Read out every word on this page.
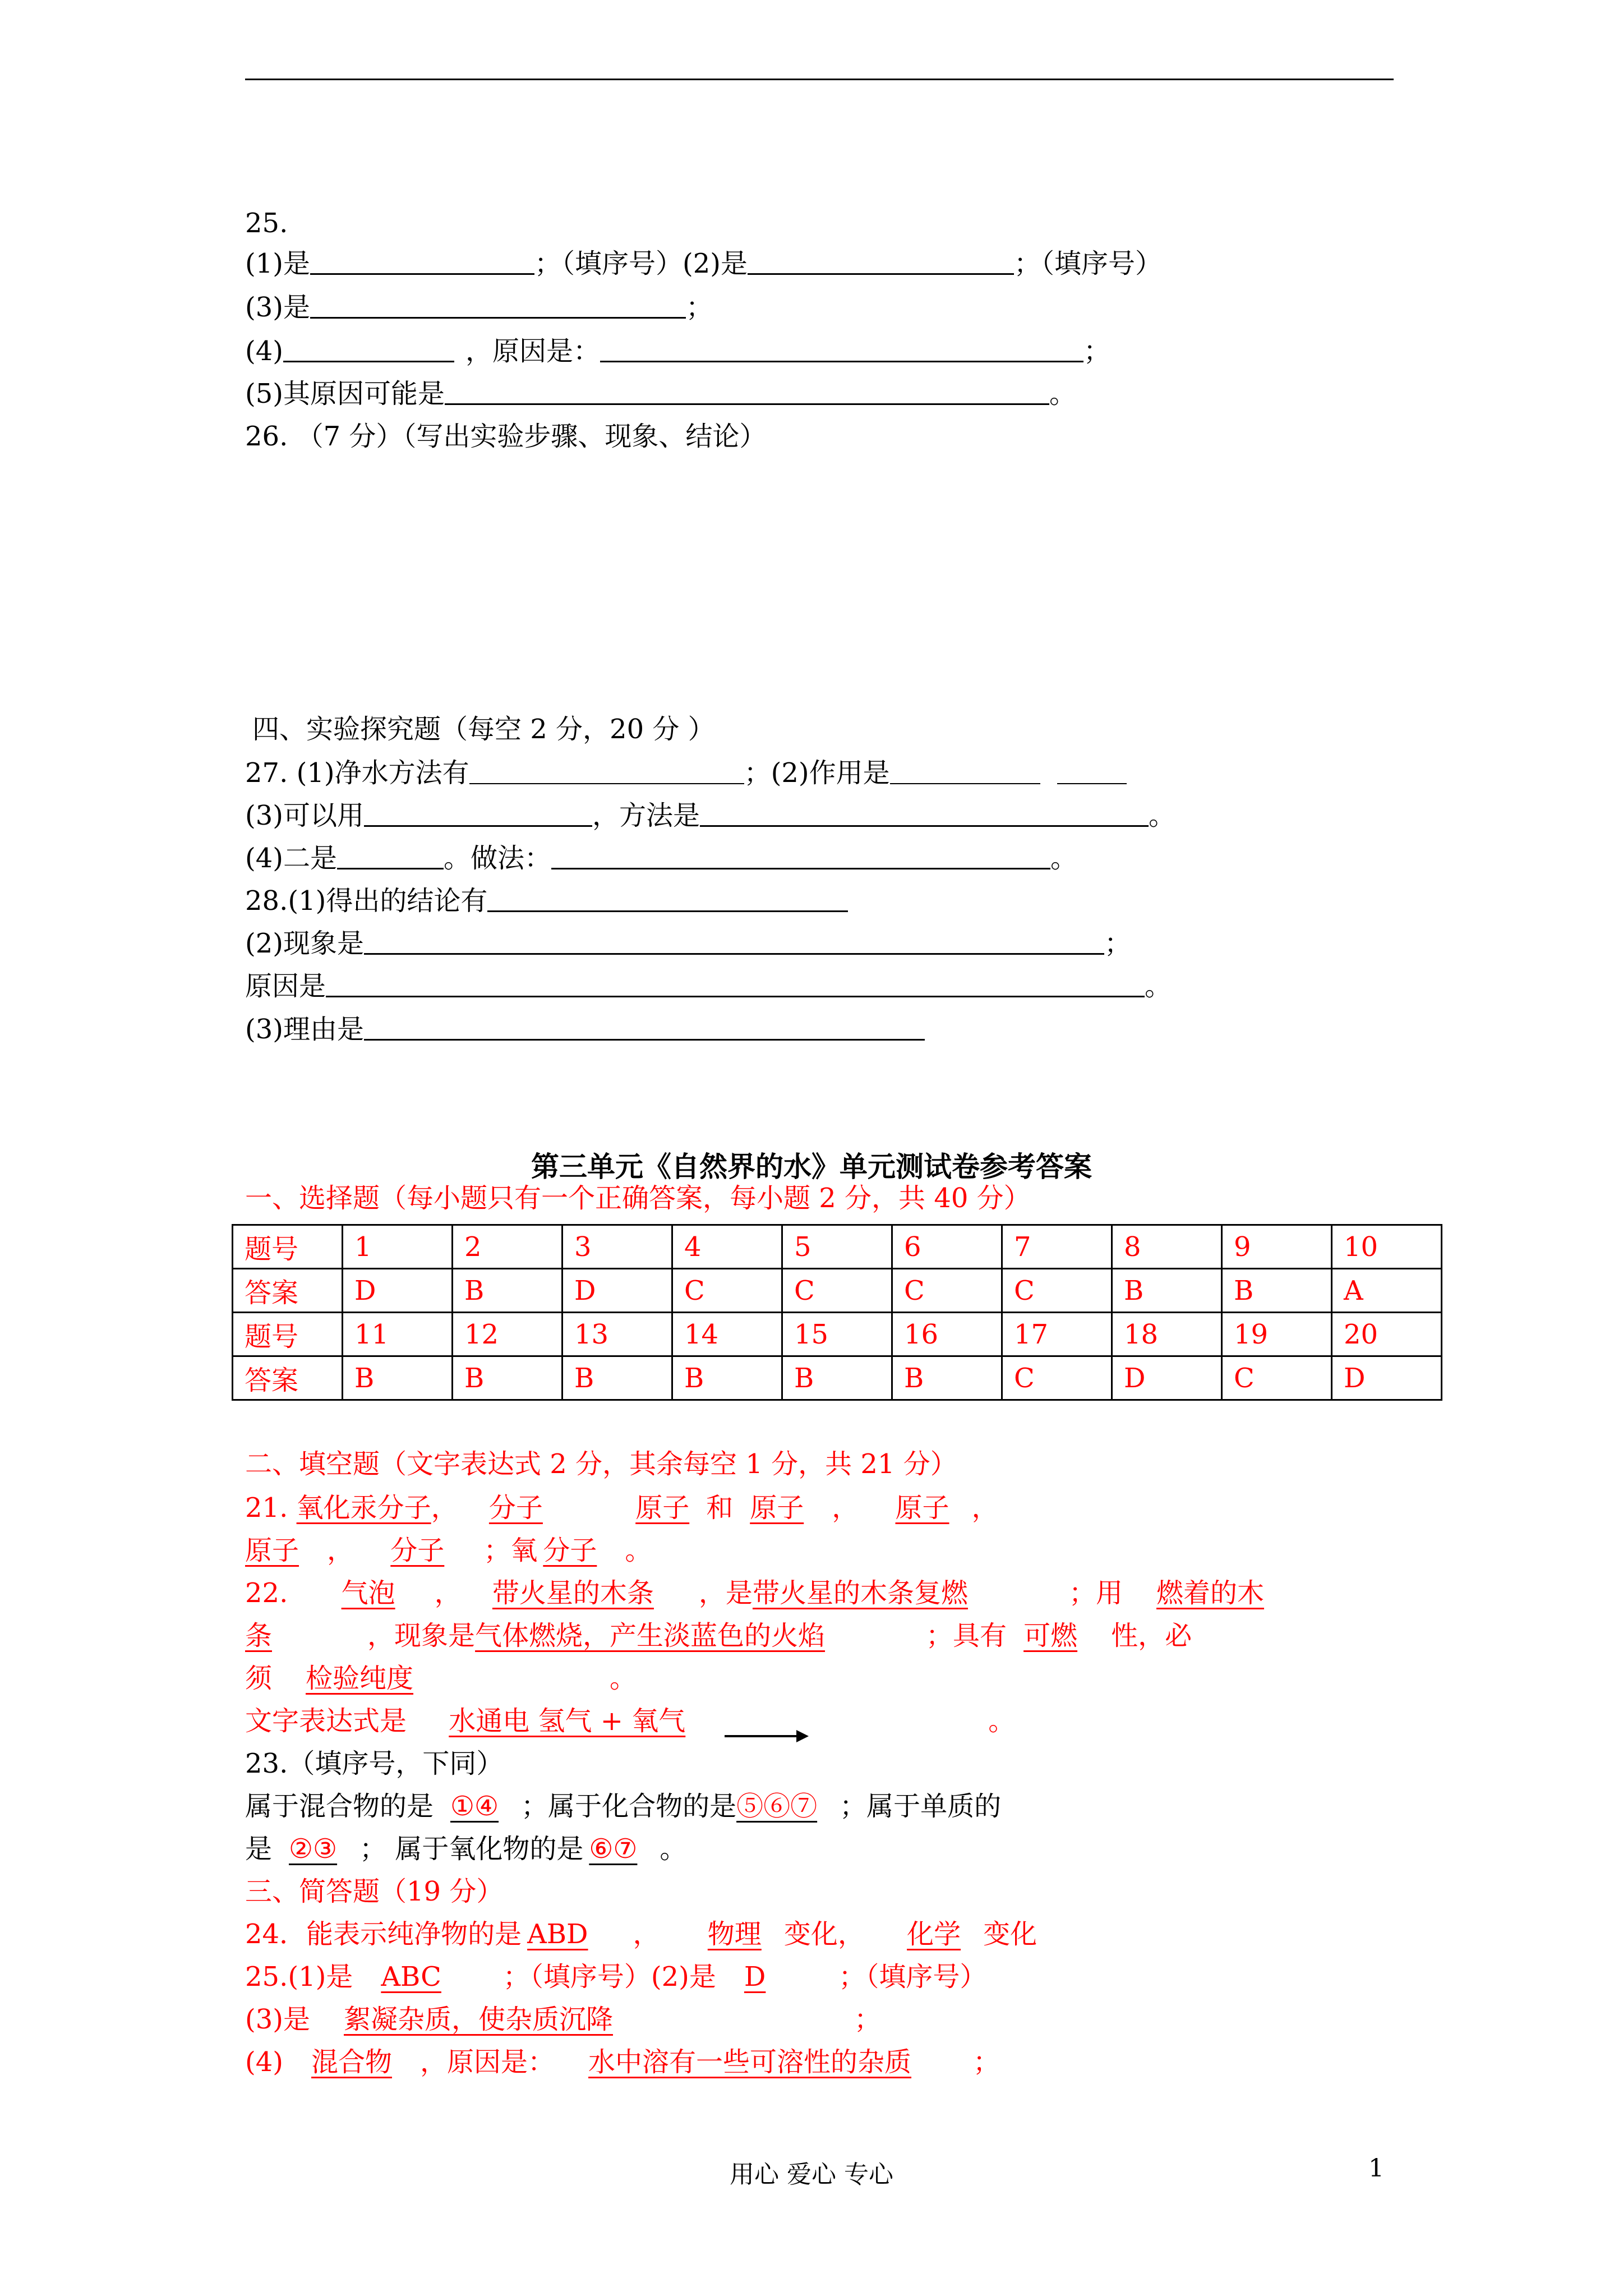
25.
(1)是	；（填序号）(2)是	；（填序号）
(3)是	；
(4)	，原因是：	；
(5)其原因可能是	。
26. （7 分）（写出实验步骤、现象、结论）
四、实验探究题（每空 2 分，20 分 ）
27. (1)净水方法有	；(2)作用是
(3)可以用	，方法是	。
(4)二是	。做法：	。
28.(1)得出的结论有
(2)现象是	；
原因是	。
(3)理由是
第三单元《自然界的水》单元测试卷参考答案
一、选择题（每小题只有一个正确答案，每小题 2 分，共 40 分）
题号	1	2	3	4	5	6	7	8	9	10
答案	D	B	D	C	C	C	C	B	B	A
题号	11	12	13	14	15	16	17	18	19	20
答案	B	B	B	B	B	B	C	D	C	D
二、填空题（文字表达式 2 分，其余每空 1 分，共 21 分）
21. 氧化汞分子， 分子	原子 和 原子 ， 原子 ，
原子 ， 分子 ；氧 分子 。
22. 气泡 ， 带火星的木条 ，是带火星的木条复燃	；用 燃着的木
条	，现象是气体燃烧，产生淡蓝色的火焰	；具有 可燃 性，必
须 检验纯度	。
文字表达式是 水通电 氢气 + 氧气	。
23.（填序号，下同）
属于混合物的是 ①④ ；属于化合物的是⑤⑥⑦ ；属于单质的
是 ②③ ； 属于氧化物的是 ⑥⑦ 。
三、简答题（19 分）
24．能表示纯净物的是 ABD ， 物理 变化， 化学 变化
25.(1)是 ABC ；（填序号）(2)是 D	；（填序号）
(3)是 絮凝杂质，使杂质沉降	；
(4) 混合物 ，原因是： 水中溶有一些可溶性的杂质 ；
用心 爱心 专心	1
